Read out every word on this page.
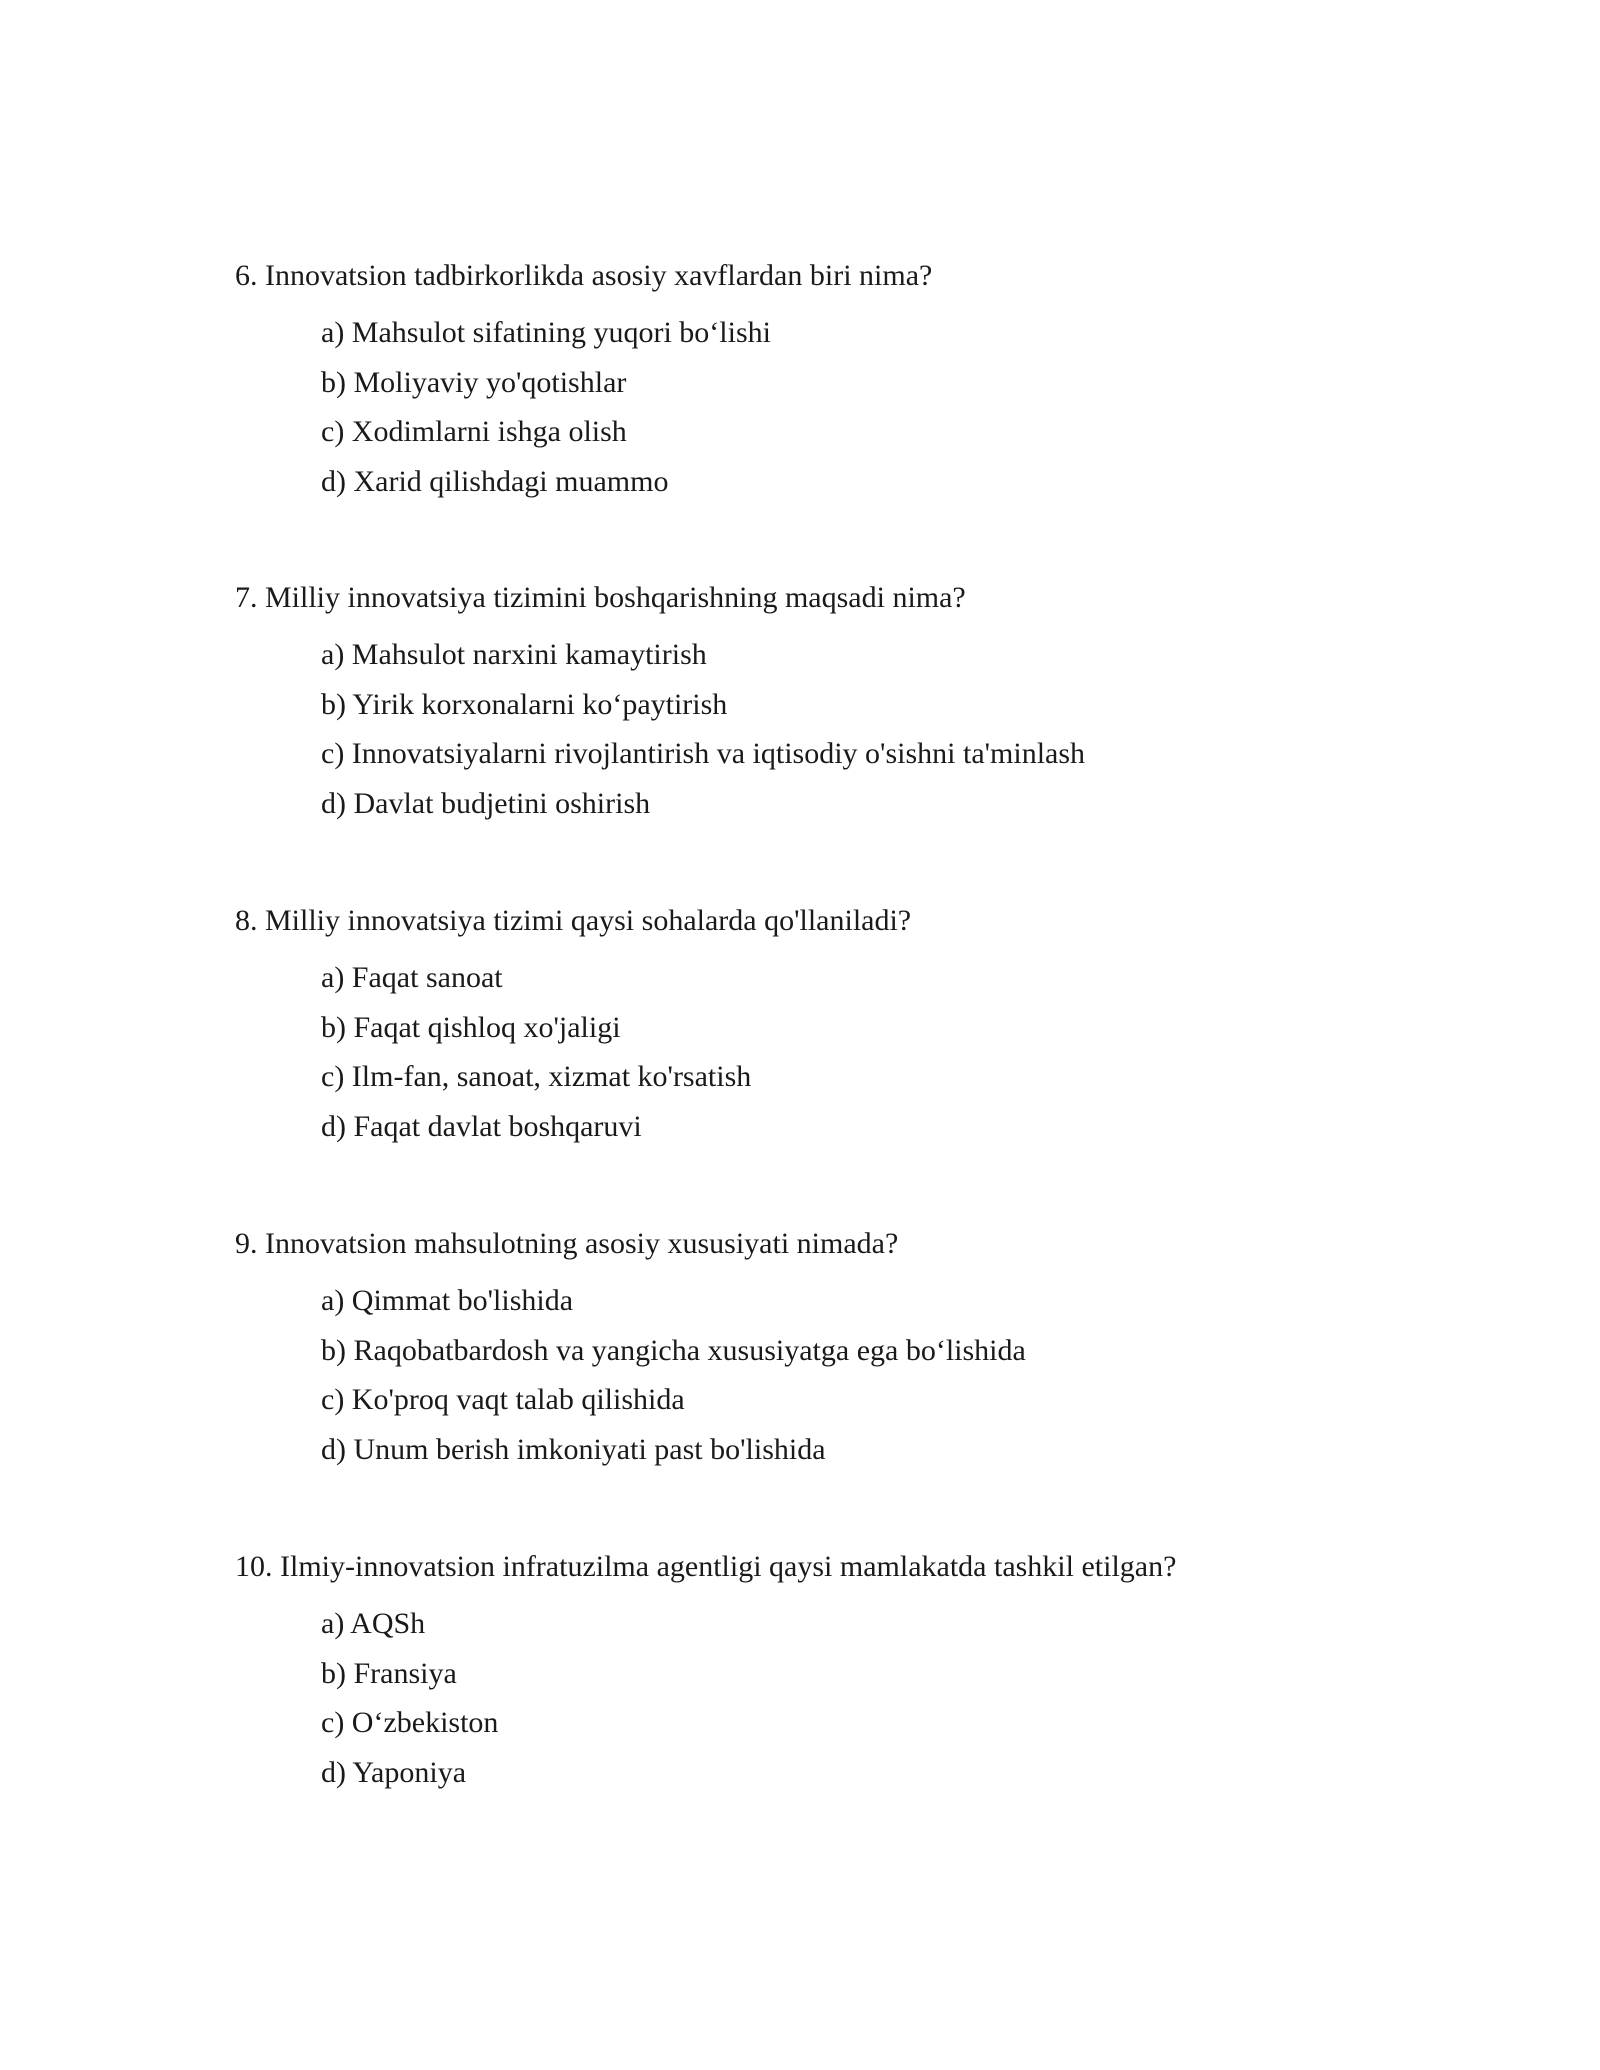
6. Innovatsion tadbirkorlikda asosiy xavflardan biri nima?

a) Mahsulot sifatining yuqori bo‘lishi
b) Moliyaviy yo'qotishlar
c) Xodimlarni ishga olish
d) Xarid qilishdagi muammo

7. Milliy innovatsiya tizimini boshqarishning maqsadi nima?

a) Mahsulot narxini kamaytirish
b) Yirik korxonalarni ko‘paytirish
c) Innovatsiyalarni rivojlantirish va iqtisodiy o'sishni ta'minlash
d) Davlat budjetini oshirish

8. Milliy innovatsiya tizimi qaysi sohalarda qo'llaniladi?

a) Faqat sanoat
b) Faqat qishloq xo'jaligi
c) Ilm-fan, sanoat, xizmat ko'rsatish
d) Faqat davlat boshqaruvi

9. Innovatsion mahsulotning asosiy xususiyati nimada?

a) Qimmat bo'lishida
b) Raqobatbardosh va yangicha xususiyatga ega bo‘lishida
c) Ko'proq vaqt talab qilishida
d) Unum berish imkoniyati past bo'lishida

10. Ilmiy-innovatsion infratuzilma agentligi qaysi mamlakatda tashkil etilgan?

a) AQSh
b) Fransiya
c) O‘zbekiston
d) Yaponiya
